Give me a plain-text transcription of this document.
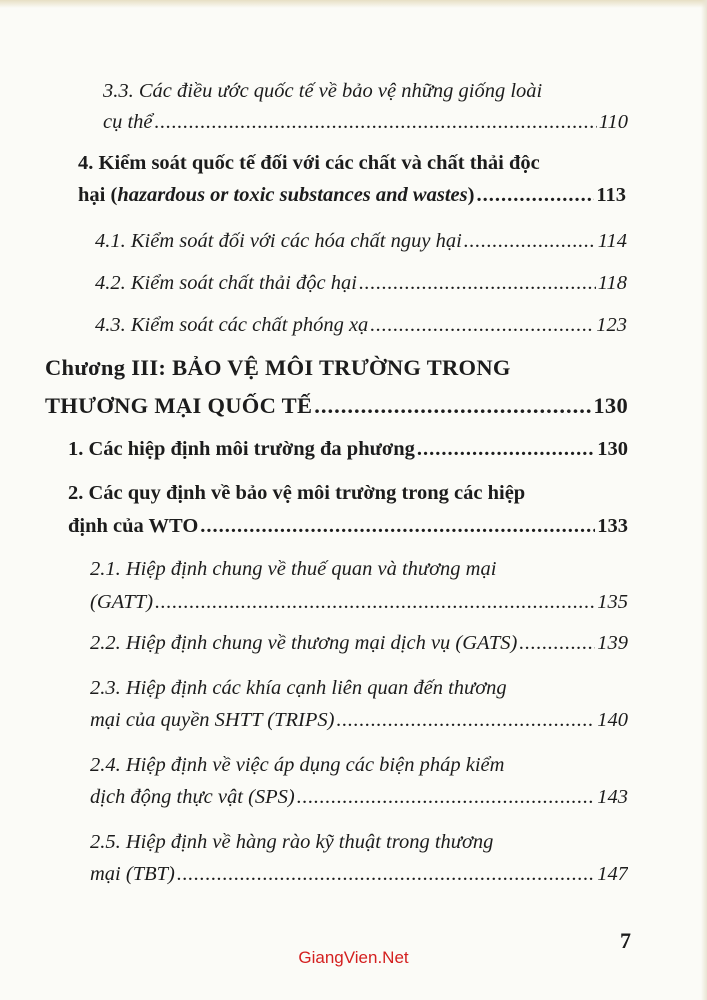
3.3. Các điều ước quốc tế về bảo vệ những giống loài
cụ thể .....	110
4. Kiểm soát quốc tế đối với các chất và chất thải độc
hại (hazardous or toxic substances and wastes) .....	113
4.1. Kiểm soát đối với các hóa chất nguy hại .....	114
4.2. Kiểm soát chất thải độc hại .....	118
4.3. Kiểm soát các chất phóng xạ .....	123
Chương III: BẢO VỆ MÔI TRƯỜNG TRONG
THƯƠNG MẠI QUỐC TẾ .....	130
1. Các hiệp định môi trường đa phương .....	130
2. Các quy định về bảo vệ môi trường trong các hiệp
định của WTO .....	133
2.1. Hiệp định chung về thuế quan và thương mại
(GATT) .....	135
2.2. Hiệp định chung về thương mại dịch vụ (GATS) .....	139
2.3. Hiệp định các khía cạnh liên quan đến thương
mại của quyền SHTT (TRIPS) .....	140
2.4. Hiệp định về việc áp dụng các biện pháp kiểm
dịch động thực vật (SPS) .....	143
2.5. Hiệp định về hàng rào kỹ thuật trong thương
mại (TBT) .....	147
7
GiangVien.Net
